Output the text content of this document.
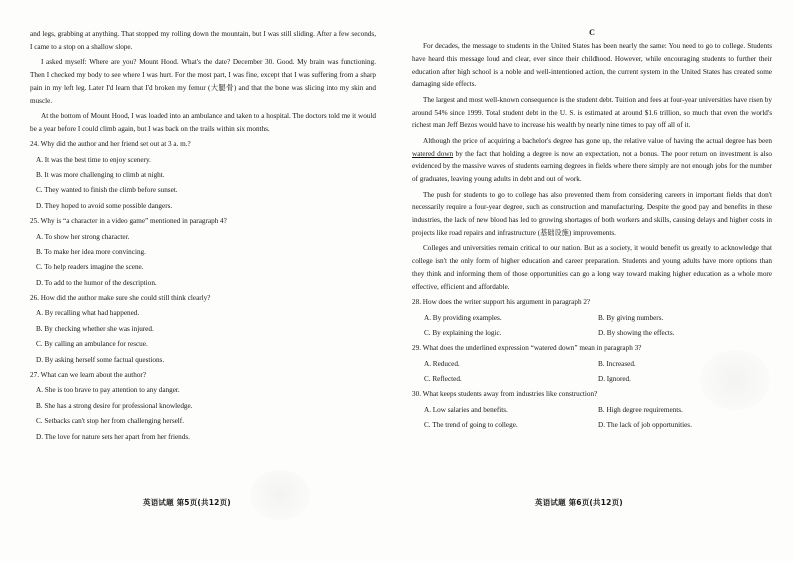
and legs, grabbing at anything. That stopped my rolling down the mountain, but I was still sliding. After a few seconds, I came to a stop on a shallow slope.

I asked myself: Where are you? Mount Hood. What's the date? December 30. Good. My brain was functioning. Then I checked my body to see where I was hurt. For the most part, I was fine, except that I was suffering from a sharp pain in my left leg. Later I'd learn that I'd broken my femur (大腿骨) and that the bone was slicing into my skin and muscle.

At the bottom of Mount Hood, I was loaded into an ambulance and taken to a hospital. The doctors told me it would be a year before I could climb again, but I was back on the trails within six months.

24. Why did the author and her friend set out at 3 a. m.?
A. It was the best time to enjoy scenery.
B. It was more challenging to climb at night.
C. They wanted to finish the climb before sunset.
D. They hoped to avoid some possible dangers.
25. Why is “a character in a video game” mentioned in paragraph 4?
A. To show her strong character.
B. To make her idea more convincing.
C. To help readers imagine the scene.
D. To add to the humor of the description.
26. How did the author make sure she could still think clearly?
A. By recalling what had happened.
B. By checking whether she was injured.
C. By calling an ambulance for rescue.
D. By asking herself some factual questions.
27. What can we learn about the author?
A. She is too brave to pay attention to any danger.
B. She has a strong desire for professional knowledge.
C. Setbacks can't stop her from challenging herself.
D. The love for nature sets her apart from her friends.
英语试题 第5页(共12页)
C

For decades, the message to students in the United States has been nearly the same: You need to go to college. Students have heard this message loud and clear, ever since their childhood. However, while encouraging students to further their education after high school is a noble and well-intentioned action, the current system in the United States has created some damaging side effects.

The largest and most well-known consequence is the student debt. Tuition and fees at four-year universities have risen by around 54% since 1999. Total student debt in the U. S. is estimated at around $1.6 trillion, so much that even the world's richest man Jeff Bezos would have to increase his wealth by nearly nine times to pay off all of it.

Although the price of acquiring a bachelor's degree has gone up, the relative value of having the actual degree has been watered down by the fact that holding a degree is now an expectation, not a bonus. The poor return on investment is also evidenced by the massive waves of students earning degrees in fields where there simply are not enough jobs for the number of graduates, leaving young adults in debt and out of work.

The push for students to go to college has also prevented them from considering careers in important fields that don't necessarily require a four-year degree, such as construction and manufacturing. Despite the good pay and benefits in these industries, the lack of new blood has led to growing shortages of both workers and skills, causing delays and higher costs in projects like road repairs and infrastructure (基础设施) improvements.

Colleges and universities remain critical to our nation. But as a society, it would benefit us greatly to acknowledge that college isn't the only form of higher education and career preparation. Students and young adults have more options than they think and informing them of those opportunities can go a long way toward making higher education as a whole more effective, efficient and affordable.

28. How does the writer support his argument in paragraph 2?
A. By providing examples.	B. By giving numbers.
C. By explaining the logic.	D. By showing the effects.
29. What does the underlined expression “watered down” mean in paragraph 3?
A. Reduced.	B. Increased.
C. Reflected.	D. Ignored.
30. What keeps students away from industries like construction?
A. Low salaries and benefits.	B. High degree requirements.
C. The trend of going to college.	D. The lack of job opportunities.
英语试题 第6页(共12页)
